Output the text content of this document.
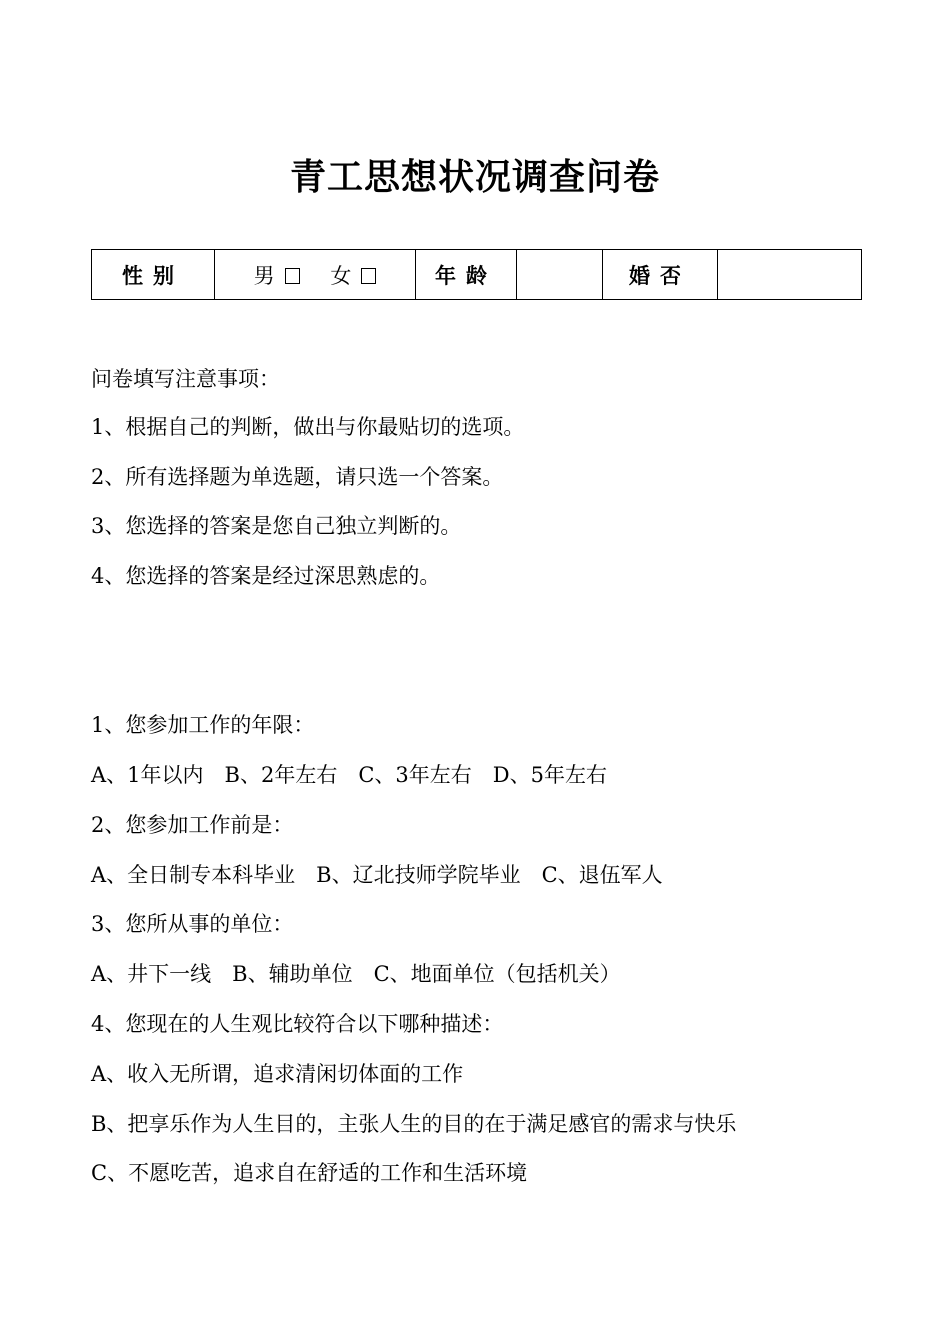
青工思想状况调查问卷
性别	男	女	年龄		婚否	
问卷填写注意事项：
1、根据自己的判断，做出与你最贴切的选项。
2、所有选择题为单选题，请只选一个答案。
3、您选择的答案是您自己独立判断的。
4、您选择的答案是经过深思熟虑的。
1、您参加工作的年限：
A、1年以内　B、2年左右　C、3年左右　D、5年左右
2、您参加工作前是：
A、全日制专本科毕业　B、辽北技师学院毕业　C、退伍军人
3、您所从事的单位：
A、井下一线　B、辅助单位　C、地面单位（包括机关）
4、您现在的人生观比较符合以下哪种描述：
A、收入无所谓，追求清闲切体面的工作
B、把享乐作为人生目的，主张人生的目的在于满足感官的需求与快乐
C、不愿吃苦，追求自在舒适的工作和生活环境
